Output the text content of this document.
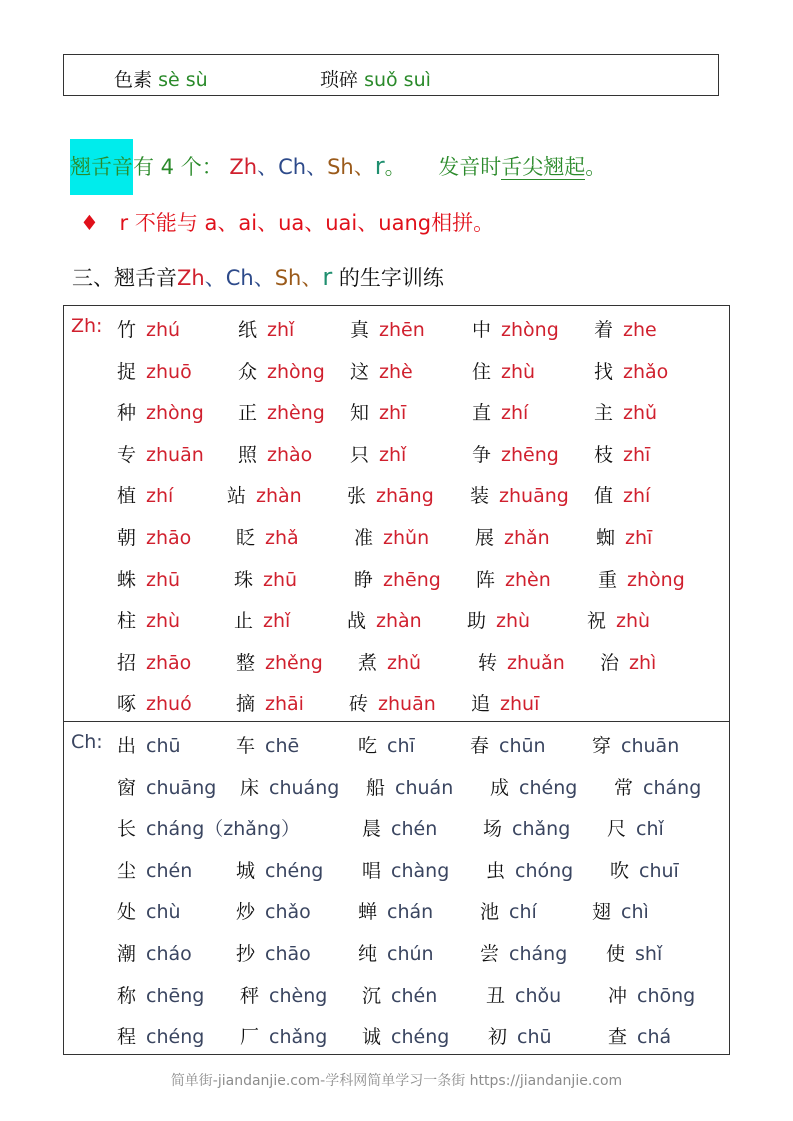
色素 sè sù	琐碎 suǒ suì
翘舌音有 4 个： Zh、Ch、Sh、r。 发音时舌尖翘起。
♦ r 不能与 a、ai、ua、uai、uang相拼。
三、翘舌音Zh、Ch、Sh、r 的生字训练
Zh:
Ch:
竹 zhú	纸 zhǐ	真 zhēn 中 zhòng 着 zhe
捉 zhuō 众 zhòng 这 zhè	住 zhù	找 zhǎo
种 zhòng 正 zhèng 知 zhī	直 zhí	主 zhǔ
专 zhuān 照 zhào 只 zhǐ	争 zhēng 枝 zhī
植 zhí	站 zhàn 张 zhāng 装 zhuāng 值 zhí
朝 zhāo 眨 zhǎ	准 zhǔn 展 zhǎn 蜘 zhī
蛛 zhū	珠 zhū	睁 zhēng 阵 zhèn 重 zhòng
柱 zhù	止 zhǐ	战 zhàn 助 zhù	祝 zhù
招 zhāo 整 zhěng 煮 zhǔ	转 zhuǎn 治 zhì
啄 zhuó 摘 zhāi 砖 zhuān 追 zhuī
出 chū	车 chē	吃 chī	春 chūn 穿 chuān
窗 chuāng 床 chuáng 船 chuán 成 chéng 常 cháng
长 cháng（zhǎng）	晨 chén 场 chǎng 尺 chǐ
尘 chén 城 chéng 唱 chàng 虫 chóng 吹 chuī
处 chù	炒 chǎo 蝉 chán 池 chí	翅 chì
潮 cháo 抄 chāo 纯 chún 尝 cháng 使 shǐ
称 chēng 秤 chèng 沉 chén	丑 chǒu 冲 chōng
程 chéng 厂 chǎng 诚 chéng 初 chū	查 chá
简单街-jiandanjie.com-学科网简单学习一条街 https://jiandanjie.com
